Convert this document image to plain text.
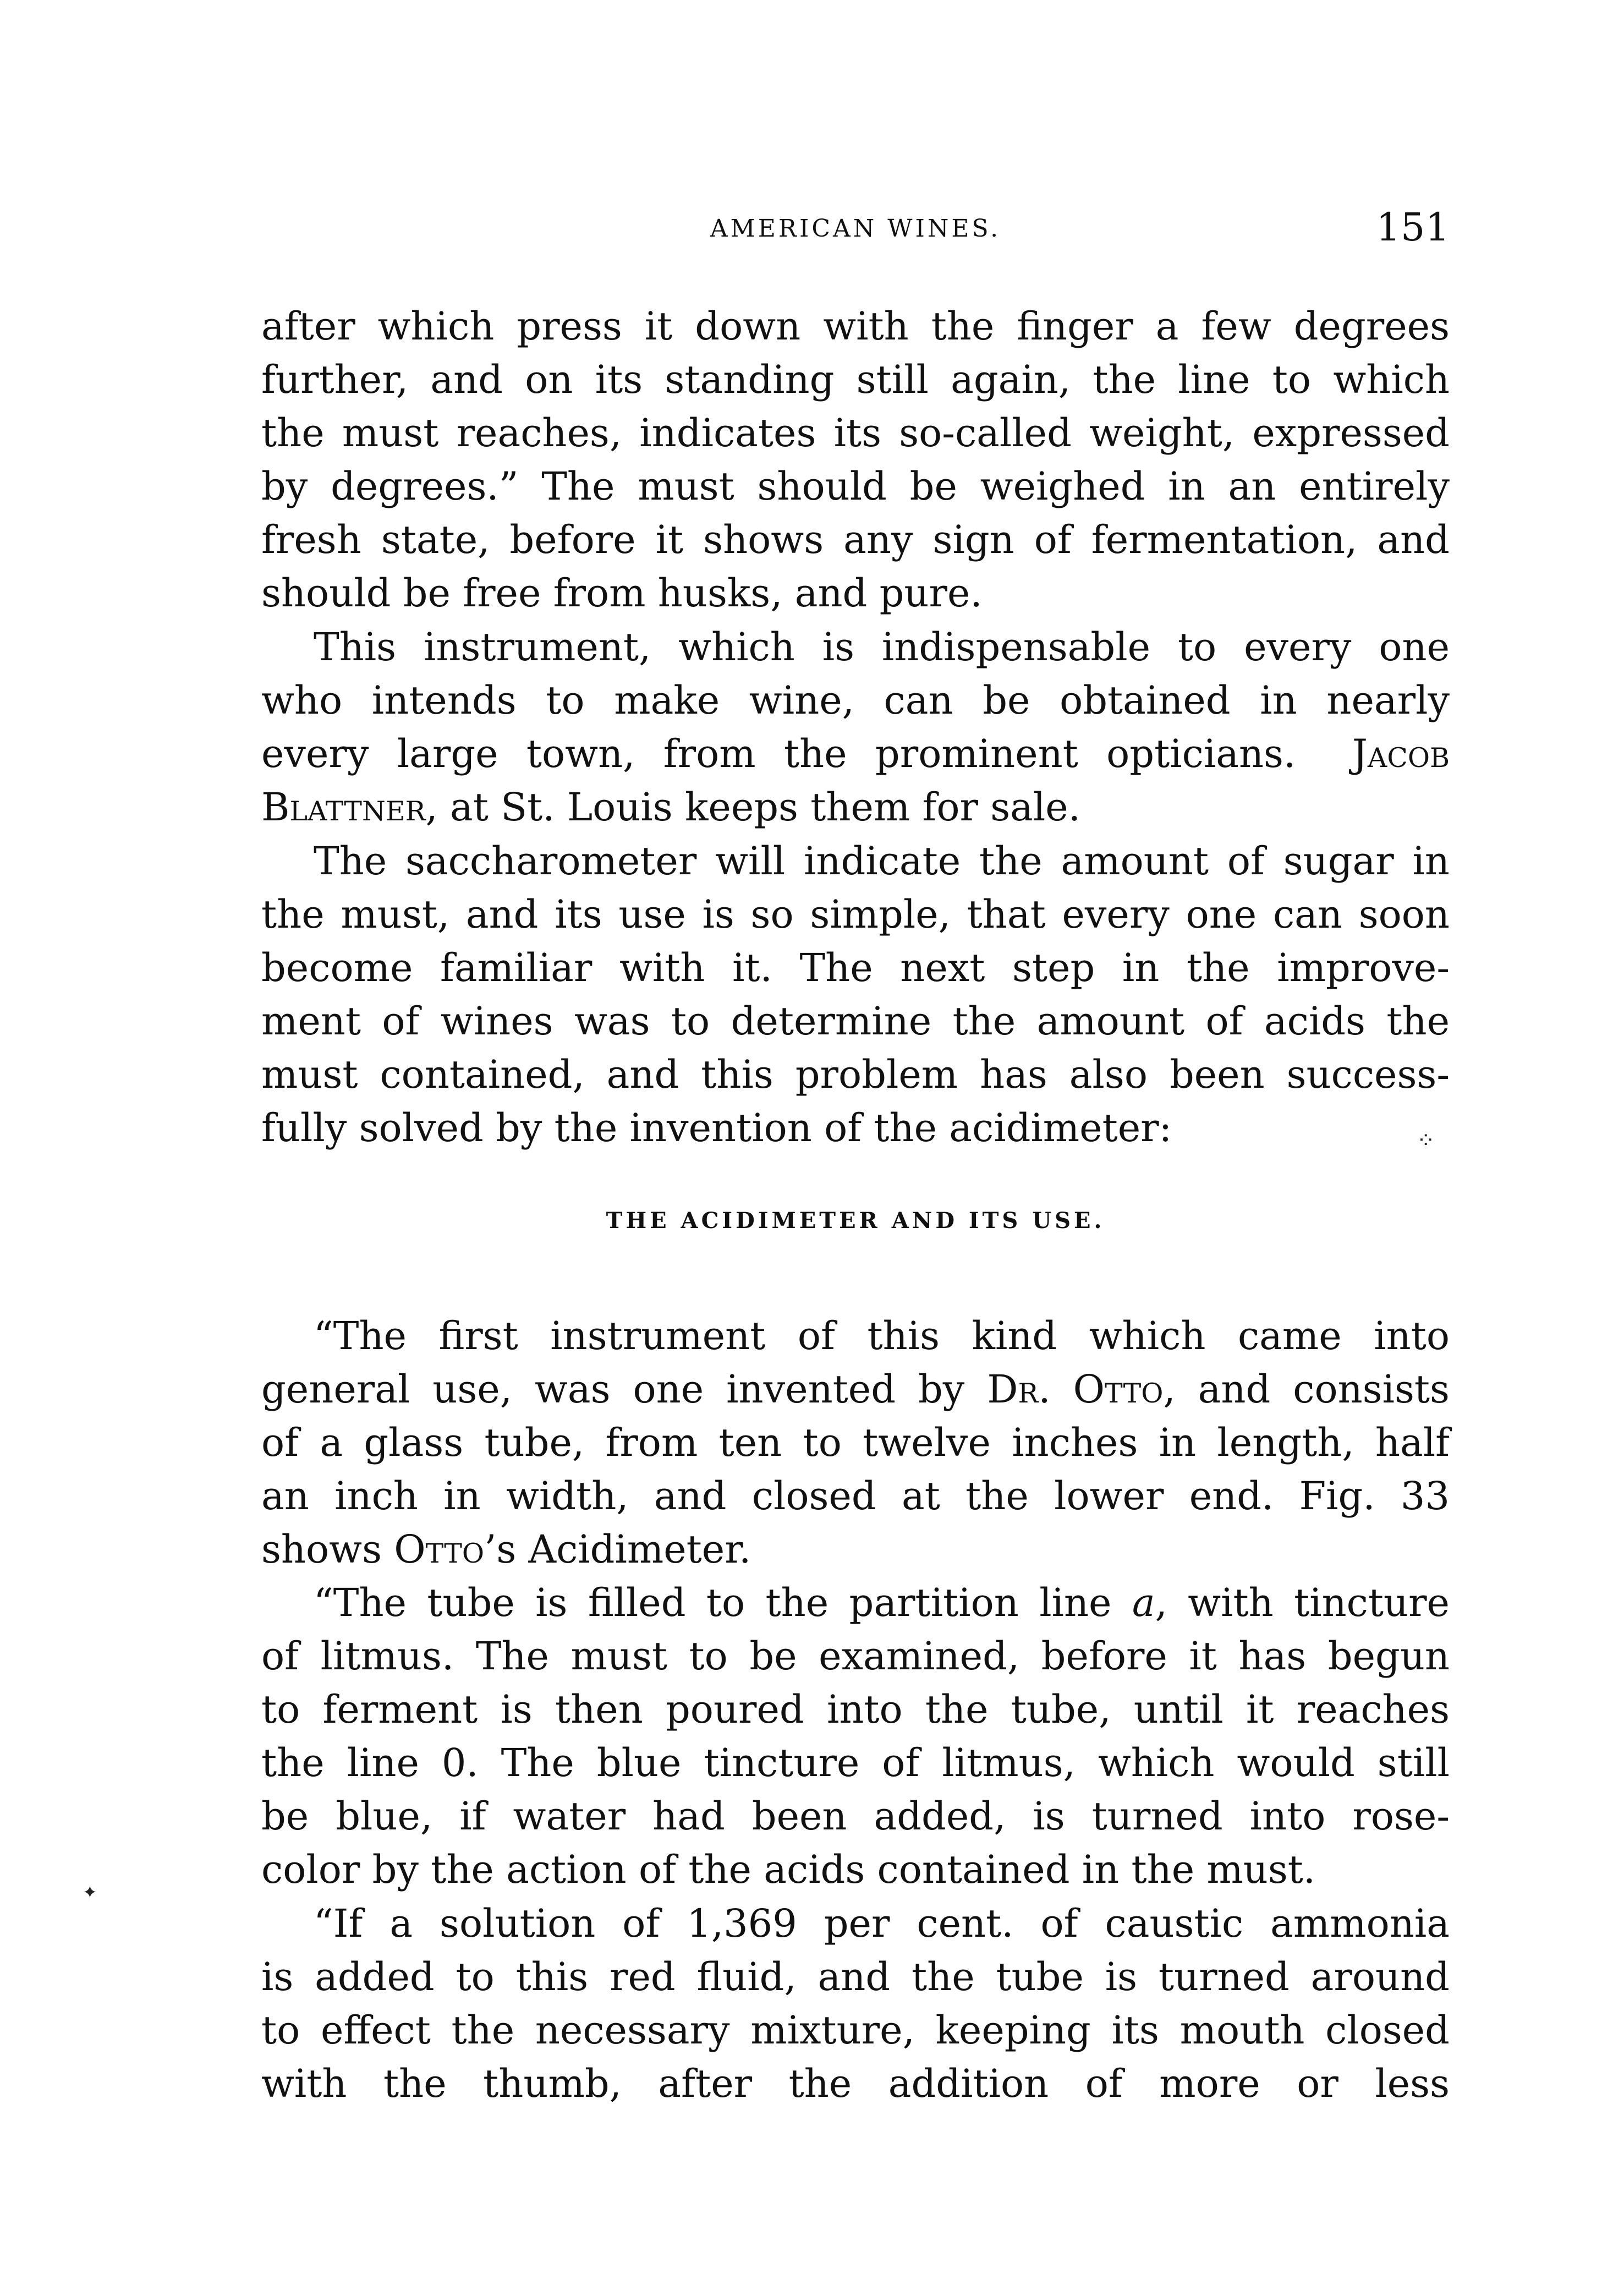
AMERICAN WINES.	151
after which press it down with the finger a few degrees
further, and on its standing still again, the line to which
the must reaches, indicates its so-called weight, expressed
by degrees.” The must should be weighed in an entirely
fresh state, before it shows any sign of fermentation, and
should be free from husks, and pure.
This instrument, which is indispensable to every one
who intends to make wine, can be obtained in nearly
every large town, from the prominent opticians.  Jacob
Blattner, at St. Louis keeps them for sale.
The saccharometer will indicate the amount of sugar in
the must, and its use is so simple, that every one can soon
become familiar with it. The next step in the improve-
ment of wines was to determine the amount of acids the
must contained, and this problem has also been success-
fully solved by the invention of the acidimeter:
THE ACIDIMETER AND ITS USE.
“The first instrument of this kind which came into
general use, was one invented by Dr. Otto, and consists
of a glass tube, from ten to twelve inches in length, half
an inch in width, and closed at the lower end. Fig. 33
shows Otto’s Acidimeter.
“The tube is filled to the partition line a, with tincture
of litmus. The must to be examined, before it has begun
to ferment is then poured into the tube, until it reaches
the line 0. The blue tincture of litmus, which would still
be blue, if water had been added, is turned into rose-
color by the action of the acids contained in the must.
“If a solution of 1,369 per cent. of caustic ammonia
is added to this red fluid, and the tube is turned around
to effect the necessary mixture, keeping its mouth closed
with the thumb, after the addition of more or less
⁘
✦
